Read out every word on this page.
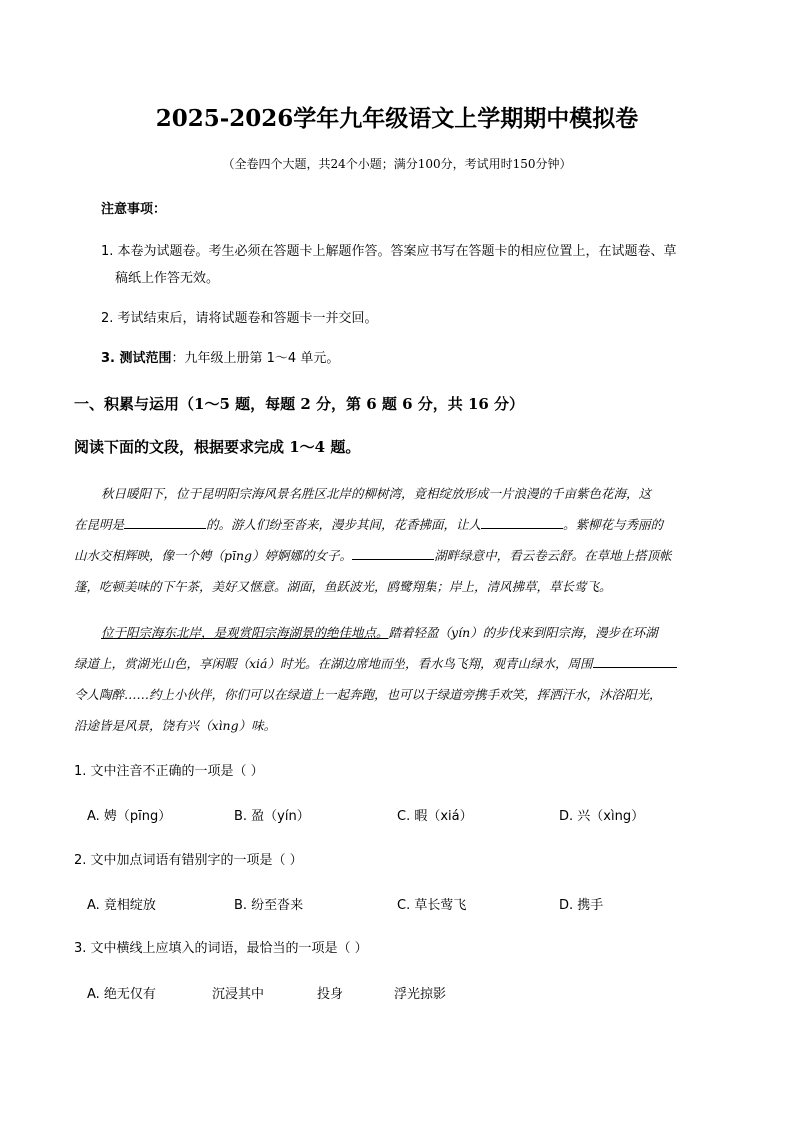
2025-2026学年九年级语文上学期期中模拟卷
（全卷四个大题，共24个小题；满分100分，考试用时150分钟）
注意事项：
1. 本卷为试题卷。考生必须在答题卡上解题作答。答案应书写在答题卡的相应位置上，在试题卷、草
稿纸上作答无效。
2. 考试结束后，请将试题卷和答题卡一并交回。
3. 测试范围：九年级上册第 1～4 单元。
一、积累与运用（1～5 题，每题 2 分，第 6 题 6 分，共 16 分）
阅读下面的文段，根据要求完成 1～4 题。
秋日暖阳下，位于昆明阳宗海风景名胜区北岸的柳树湾，竟相绽放形成一片浪漫的千亩紫色花海，这
在昆明是	的。游人们纷至沓来，漫步其间，花香拂面，让人	。紫柳花与秀丽的
山水交相辉映，像一个娉（pīng）婷婀娜的女子。	湖畔绿意中，看云卷云舒。在草地上搭顶帐
篷，吃顿美味的下午茶，美好又惬意。湖面，鱼跃波光，鸥鹭翔集；岸上，清风拂草，草长莺飞。
位于阳宗海东北岸，是观赏阳宗海湖景的绝佳地点。踏着轻盈（yín）的步伐来到阳宗海，漫步在环湖
绿道上，赏湖光山色，享闲暇（xiá）时光。在湖边席地而坐，看水鸟飞翔，观青山绿水，周围
令人陶醉……约上小伙伴，你们可以在绿道上一起奔跑，也可以于绿道旁携手欢笑，挥洒汗水，沐浴阳光，
沿途皆是风景，饶有兴（xìng）味。
1. 文中注音不正确的一项是（ ）
A. 娉（pīng）	B. 盈（yín）	C. 暇（xiá）	D. 兴（xìng）
2. 文中加点词语有错别字的一项是（ ）
A. 竟相绽放	B. 纷至沓来	C. 草长莺飞	D. 携手
3. 文中横线上应填入的词语，最恰当的一项是（ ）
A. 绝无仅有	沉浸其中	投身	浮光掠影
